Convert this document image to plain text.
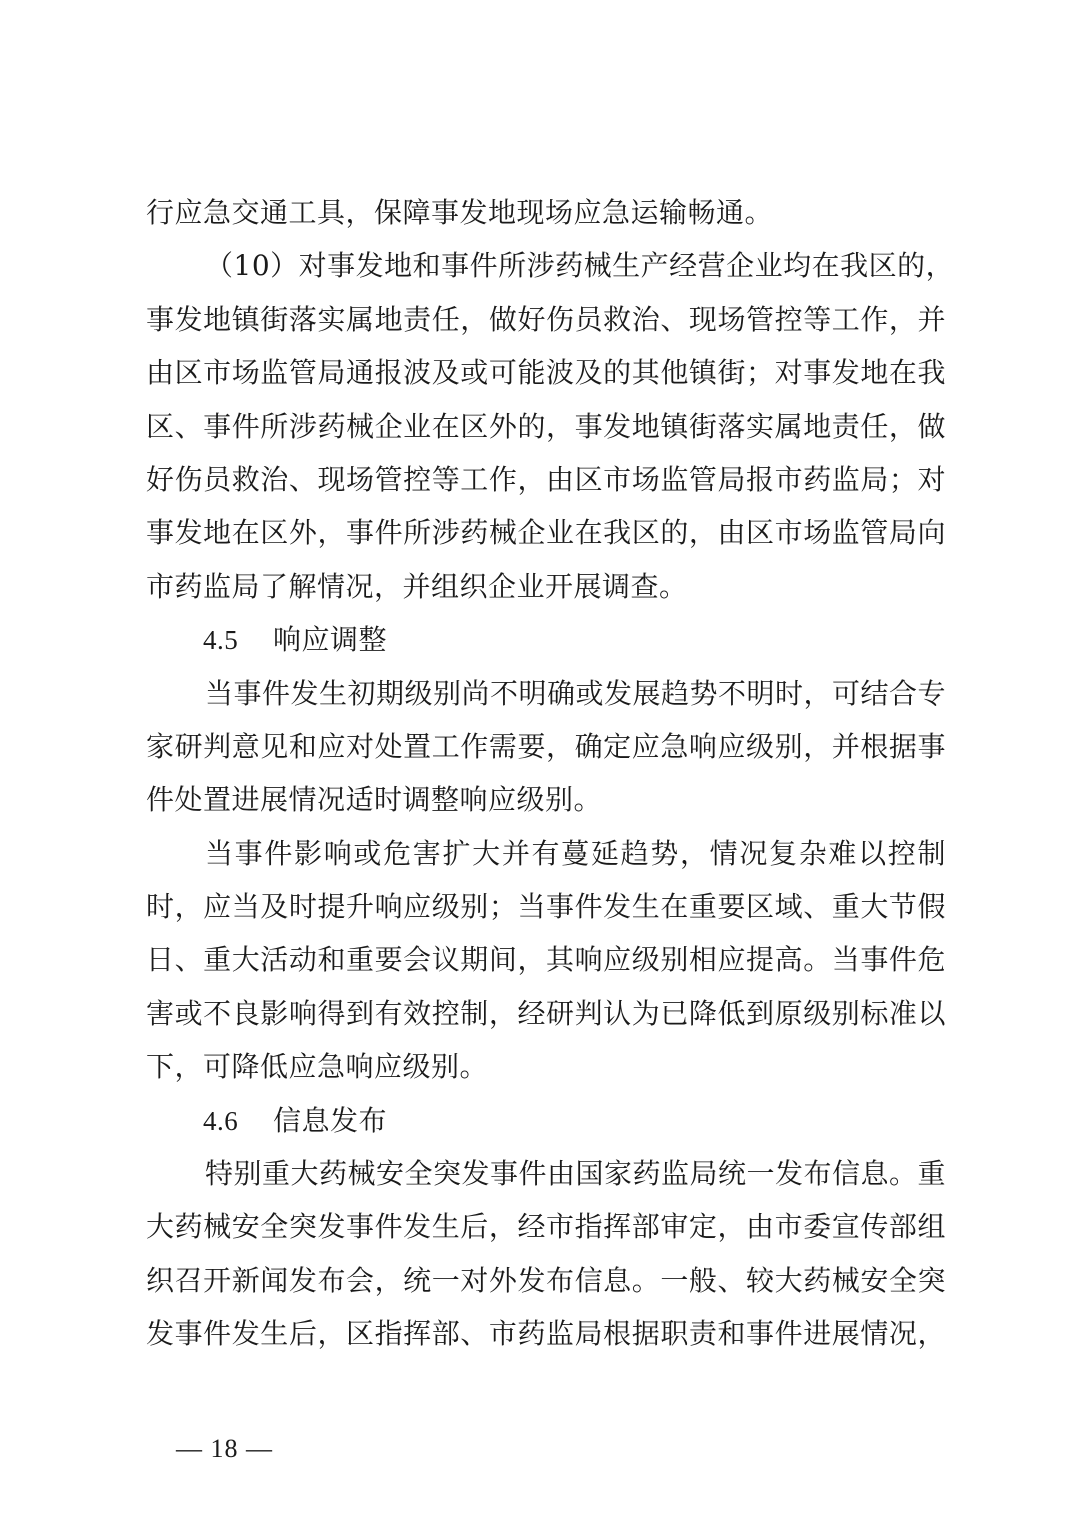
行应急交通工具，保障事发地现场应急运输畅通。
（10）对事发地和事件所涉药械生产经营企业均在我区的，
事发地镇街落实属地责任，做好伤员救治、现场管控等工作，并
由区市场监管局通报波及或可能波及的其他镇街；对事发地在我
区、事件所涉药械企业在区外的，事发地镇街落实属地责任，做
好伤员救治、现场管控等工作，由区市场监管局报市药监局；对
事发地在区外，事件所涉药械企业在我区的，由区市场监管局向
市药监局了解情况，并组织企业开展调查。
4.5 响应调整
当事件发生初期级别尚不明确或发展趋势不明时，可结合专
家研判意见和应对处置工作需要，确定应急响应级别，并根据事
件处置进展情况适时调整响应级别。
当事件影响或危害扩大并有蔓延趋势，情况复杂难以控制
时，应当及时提升响应级别；当事件发生在重要区域、重大节假
日、重大活动和重要会议期间，其响应级别相应提高。当事件危
害或不良影响得到有效控制，经研判认为已降低到原级别标准以
下，可降低应急响应级别。
4.6 信息发布
特别重大药械安全突发事件由国家药监局统一发布信息。重
大药械安全突发事件发生后，经市指挥部审定，由市委宣传部组
织召开新闻发布会，统一对外发布信息。一般、较大药械安全突
发事件发生后，区指挥部、市药监局根据职责和事件进展情况，
— 18 —
